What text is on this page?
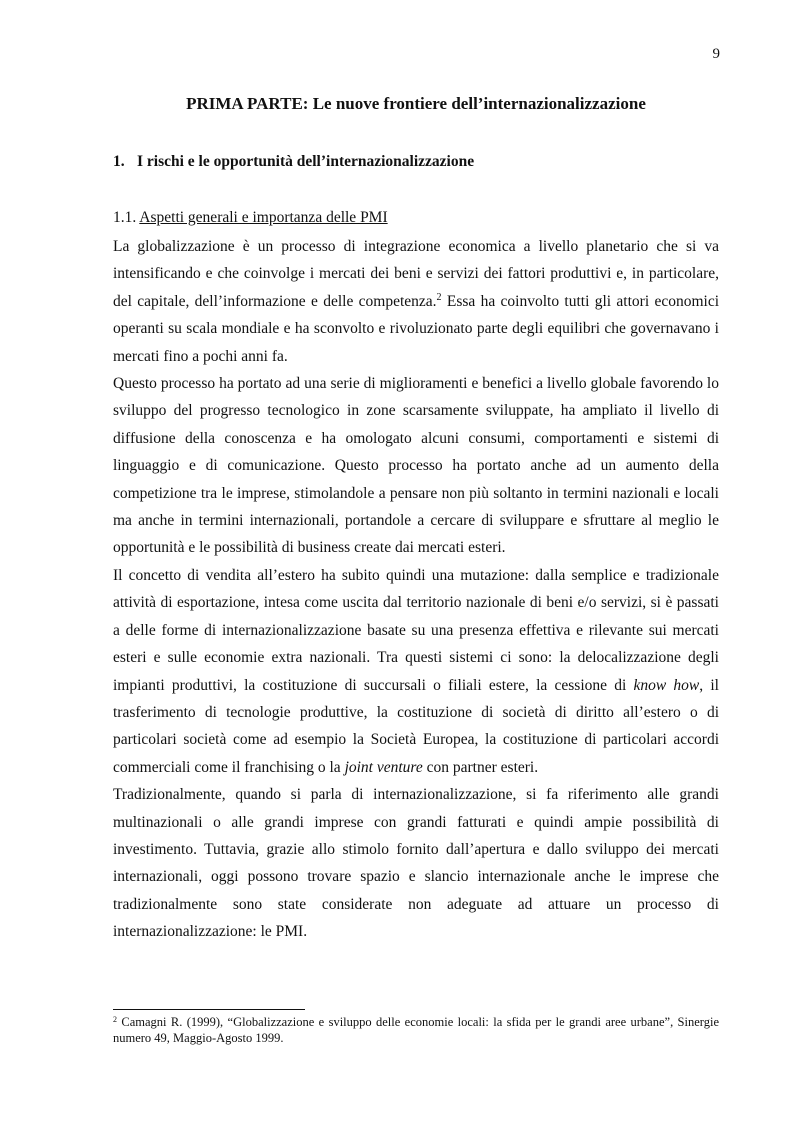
9
PRIMA PARTE: Le nuove frontiere dell’internazionalizzazione
1. I rischi e le opportunità dell’internazionalizzazione
1.1. Aspetti generali e importanza delle PMI

La globalizzazione è un processo di integrazione economica a livello planetario che si va intensificando e che coinvolge i mercati dei beni e servizi dei fattori produttivi e, in particolare, del capitale, dell’informazione e delle competenza.$^2$ Essa ha coinvolto tutti gli attori economici operanti su scala mondiale e ha sconvolto e rivoluzionato parte degli equilibri che governavano i mercati fino a pochi anni fa.

Questo processo ha portato ad una serie di miglioramenti e benefici a livello globale favorendo lo sviluppo del progresso tecnologico in zone scarsamente sviluppate, ha ampliato il livello di diffusione della conoscenza e ha omologato alcuni consumi, comportamenti e sistemi di linguaggio e di comunicazione. Questo processo ha portato anche ad un aumento della competizione tra le imprese, stimolandole a pensare non più soltanto in termini nazionali e locali ma anche in termini internazionali, portandole a cercare di sviluppare e sfruttare al meglio le opportunità e le possibilità di business create dai mercati esteri.

Il concetto di vendita all’estero ha subito quindi una mutazione: dalla semplice e tradizionale attività di esportazione, intesa come uscita dal territorio nazionale di beni e/o servizi, si è passati a delle forme di internazionalizzazione basate su una presenza effettiva e rilevante sui mercati esteri e sulle economie extra nazionali. Tra questi sistemi ci sono: la delocalizzazione degli impianti produttivi, la costituzione di succursali o filiali estere, la cessione di know how, il trasferimento di tecnologie produttive, la costituzione di società di diritto all’estero o di particolari società come ad esempio la Società Europea, la costituzione di particolari accordi commerciali come il franchising o la joint venture con partner esteri.

Tradizionalmente, quando si parla di internazionalizzazione, si fa riferimento alle grandi multinazionali o alle grandi imprese con grandi fatturati e quindi ampie possibilità di investimento. Tuttavia, grazie allo stimolo fornito dall’apertura e dallo sviluppo dei mercati internazionali, oggi possono trovare spazio e slancio internazionale anche le imprese che tradizionalmente sono state considerate non adeguate ad attuare un processo di internazionalizzazione: le PMI.

$^2$ Camagni R. (1999), “Globalizzazione e sviluppo delle economie locali: la sfida per le grandi aree urbane”, Sinergie numero 49, Maggio-Agosto 1999.
